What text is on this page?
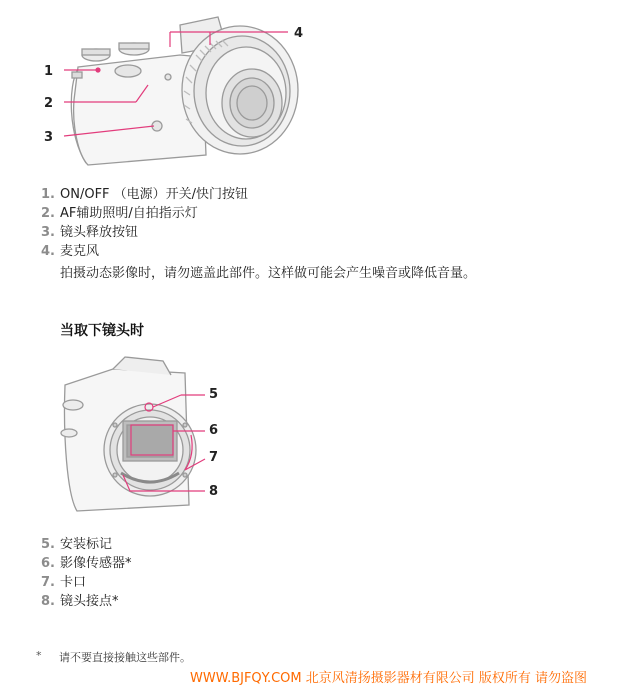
1
2
3
4
1. ON/OFF （电源）开关/快门按钮
2. AF辅助照明/自拍指示灯
3. 镜头释放按钮
4. 麦克风
拍摄动态影像时，请勿遮盖此部件。这样做可能会产生噪音或降低音量。
当取下镜头时
5
6
7
8
5. 安装标记
6. 影像传感器*
7. 卡口
8. 镜头接点*
* 请不要直接接触这些部件。
WWW.BJFQY.COM 北京风清扬摄影器材有限公司 版权所有 请勿盗图
